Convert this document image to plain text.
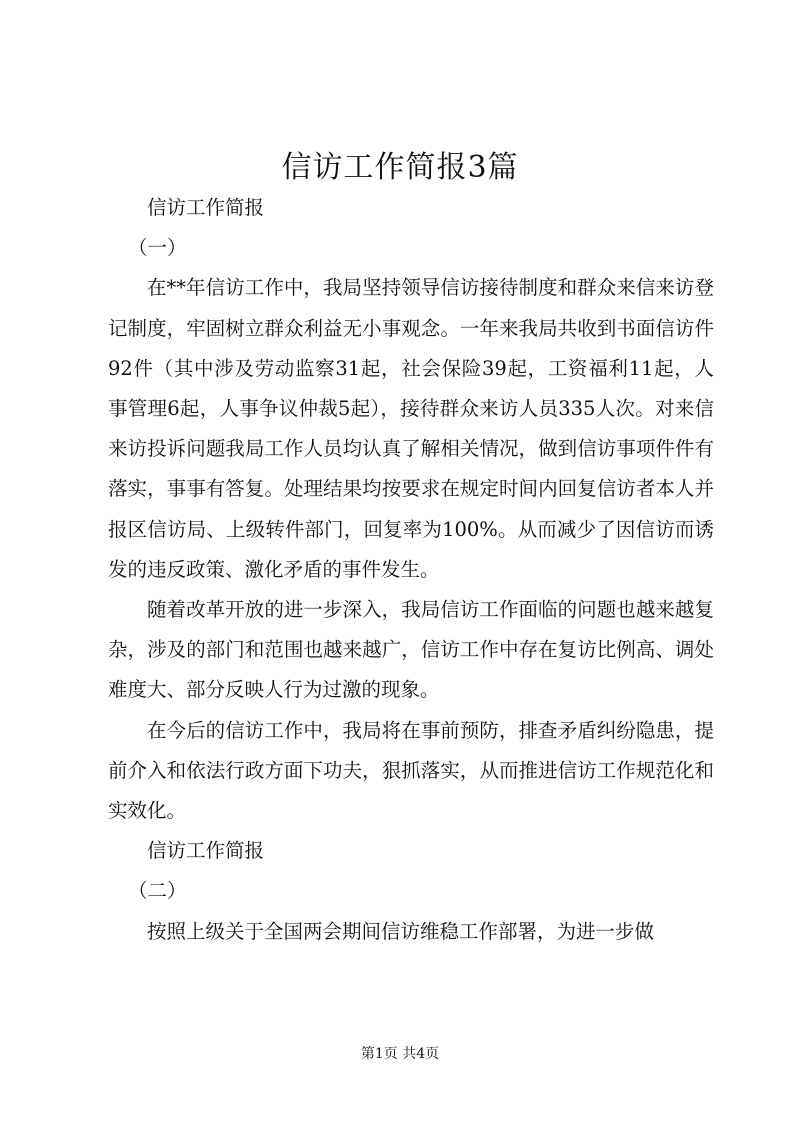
信访工作简报3篇

信访工作简报

（一）

在**年信访工作中，我局坚持领导信访接待制度和群众来信来访登记制度，牢固树立群众利益无小事观念。一年来我局共收到书面信访件92件（其中涉及劳动监察31起，社会保险39起，工资福利11起，人事管理6起，人事争议仲裁5起），接待群众来访人员335人次。对来信来访投诉问题我局工作人员均认真了解相关情况，做到信访事项件件有落实，事事有答复。处理结果均按要求在规定时间内回复信访者本人并报区信访局、上级转件部门，回复率为100%。从而减少了因信访而诱发的违反政策、激化矛盾的事件发生。

随着改革开放的进一步深入，我局信访工作面临的问题也越来越复杂，涉及的部门和范围也越来越广，信访工作中存在复访比例高、调处难度大、部分反映人行为过激的现象。

在今后的信访工作中，我局将在事前预防，排查矛盾纠纷隐患，提前介入和依法行政方面下功夫，狠抓落实，从而推进信访工作规范化和实效化。

信访工作简报

（二）

按照上级关于全国两会期间信访维稳工作部署，为进一步做

第1页 共4页
